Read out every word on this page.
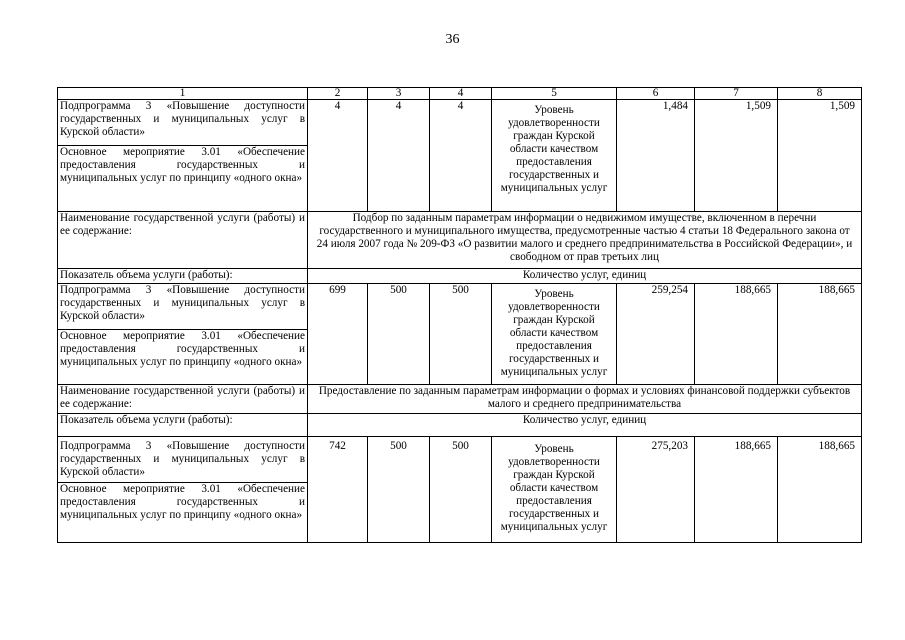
36
1	2	3	4	5	6	7	8
Подпрограмма 3 «Повышение доступности государственных и муниципальных услуг в Курской области»	4	4	4	Уровень удовлетворенности граждан Курской области качеством предоставления государственных и муниципальных услуг	1,484	1,509	1,509
Основное мероприятие 3.01 «Обеспечение предоставления государственных и муниципальных услуг по принципу «одного окна»							
Наименование государственной услуги (работы) и ее содержание:	Подбор по заданным параметрам информации о недвижимом имуществе, включенном в перечни государственного и муниципального имущества, предусмотренные частью 4 статьи 18 Федерального закона от 24 июля 2007 года № 209-ФЗ «О развитии малого и среднего предпринимательства в Российской Федерации», и свободном от прав третьих лиц						
Показатель объема услуги (работы):	Количество услуг, единиц						
Подпрограмма 3 «Повышение доступности государственных и муниципальных услуг в Курской области»	699	500	500	Уровень удовлетворенности граждан Курской области качеством предоставления государственных и муниципальных услуг	259,254	188,665	188,665
Основное мероприятие 3.01 «Обеспечение предоставления государственных и муниципальных услуг по принципу «одного окна»							
Наименование государственной услуги (работы) и ее содержание:	Предоставление по заданным параметрам информации о формах и условиях финансовой поддержки субъектов малого и среднего предпринимательства						
Показатель объема услуги (работы):	Количество услуг, единиц						
Подпрограмма 3 «Повышение доступности государственных и муниципальных услуг в Курской области»	742	500	500	Уровень удовлетворенности граждан Курской области качеством предоставления государственных и муниципальных услуг	275,203	188,665	188,665
Основное мероприятие 3.01 «Обеспечение предоставления государственных и муниципальных услуг по принципу «одного окна»							
